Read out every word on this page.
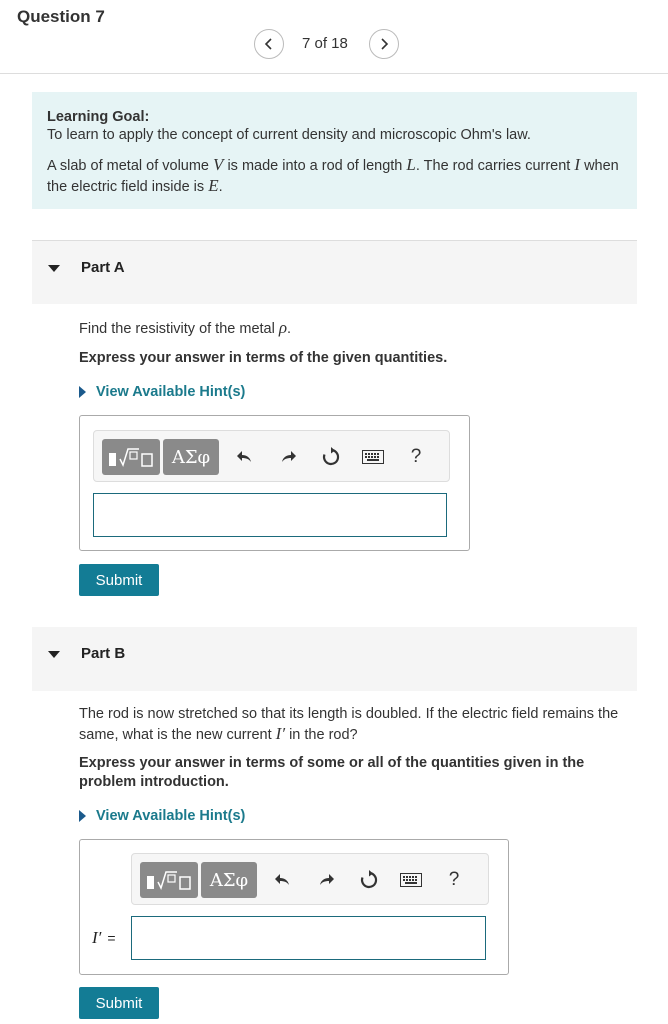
Question 7
7 of 18
Learning Goal:
To learn to apply the concept of current density and microscopic Ohm's law.
A slab of metal of volume V is made into a rod of length L. The rod carries current I when the electric field inside is E.
Part A
Find the resistivity of the metal ρ.
Express your answer in terms of the given quantities.
View Available Hint(s)
ΑΣφ	?
Submit
Part B
The rod is now stretched so that its length is doubled. If the electric field remains the same, what is the new current I′ in the rod?
Express your answer in terms of some or all of the quantities given in the problem introduction.
View Available Hint(s)
ΑΣφ	?
I′ =
Submit
